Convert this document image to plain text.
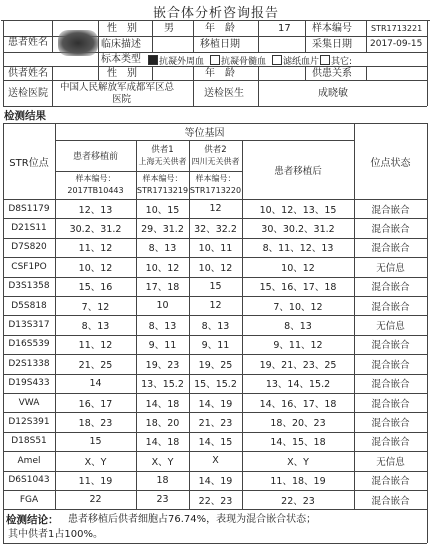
嵌合体分析咨询报告
患者姓名
性　别	男	年　龄	17 样本编号 STR1713221
临床描述	移植日期	采集日期 2017-09-15
标本类型	抗凝外周血	抗凝骨髓血	滤纸血片	其它:
供者姓名	性　别	年　龄	供患关系
送检医院
中国人民解放军成都军区总
医院
送检医生	成晓敏
检测结果
STR位点
等位基因
位点状态
患者移植前
供者1
上海无关供者
供者2
四川无关供者
患者移植后
样本编号：
2017TB10443
样本编号：
STR1713219
样本编号：
STR1713220
D8S1179	12、13	10、15	12	10、12、13、15	混合嵌合
D21S11	30.2、31.2	29、31.2	32、32.2	30、30.2、31.2	混合嵌合
D7S820	11、12	8、13	10、11	8、11、12、13	混合嵌合
CSF1PO	10、12	10、12	10、12	10、12	无信息
D3S1358	15、16	17、18	15	15、16、17、18	混合嵌合
D5S818	7、12	10	12	7、10、12	混合嵌合
D13S317	8、13	8、13	8、13	8、13	无信息
D16S539	11、12	9、11	9、11	9、11、12	混合嵌合
D2S1338	21、25	19、23	19、25	19、21、23、25	混合嵌合
D19S433	14	13、15.2	15、15.2	13、14、15.2	混合嵌合
VWA	16、17	14、18	14、19	14、16、17、18	混合嵌合
D12S391	18、23	18、20	21、23	18、20、23	混合嵌合
D18S51	15	14、18	14、15	14、15、18	混合嵌合
Amel	X、Y	X、Y	X	X、Y	无信息
D6S1043	11、19	18	14、19	11、18、19	混合嵌合
FGA	22	23	22、23	22、23	混合嵌合
检测结论： 患者移植后供者细胞占76.74%，表现为混合嵌合状态；
其中供者1占100%。
